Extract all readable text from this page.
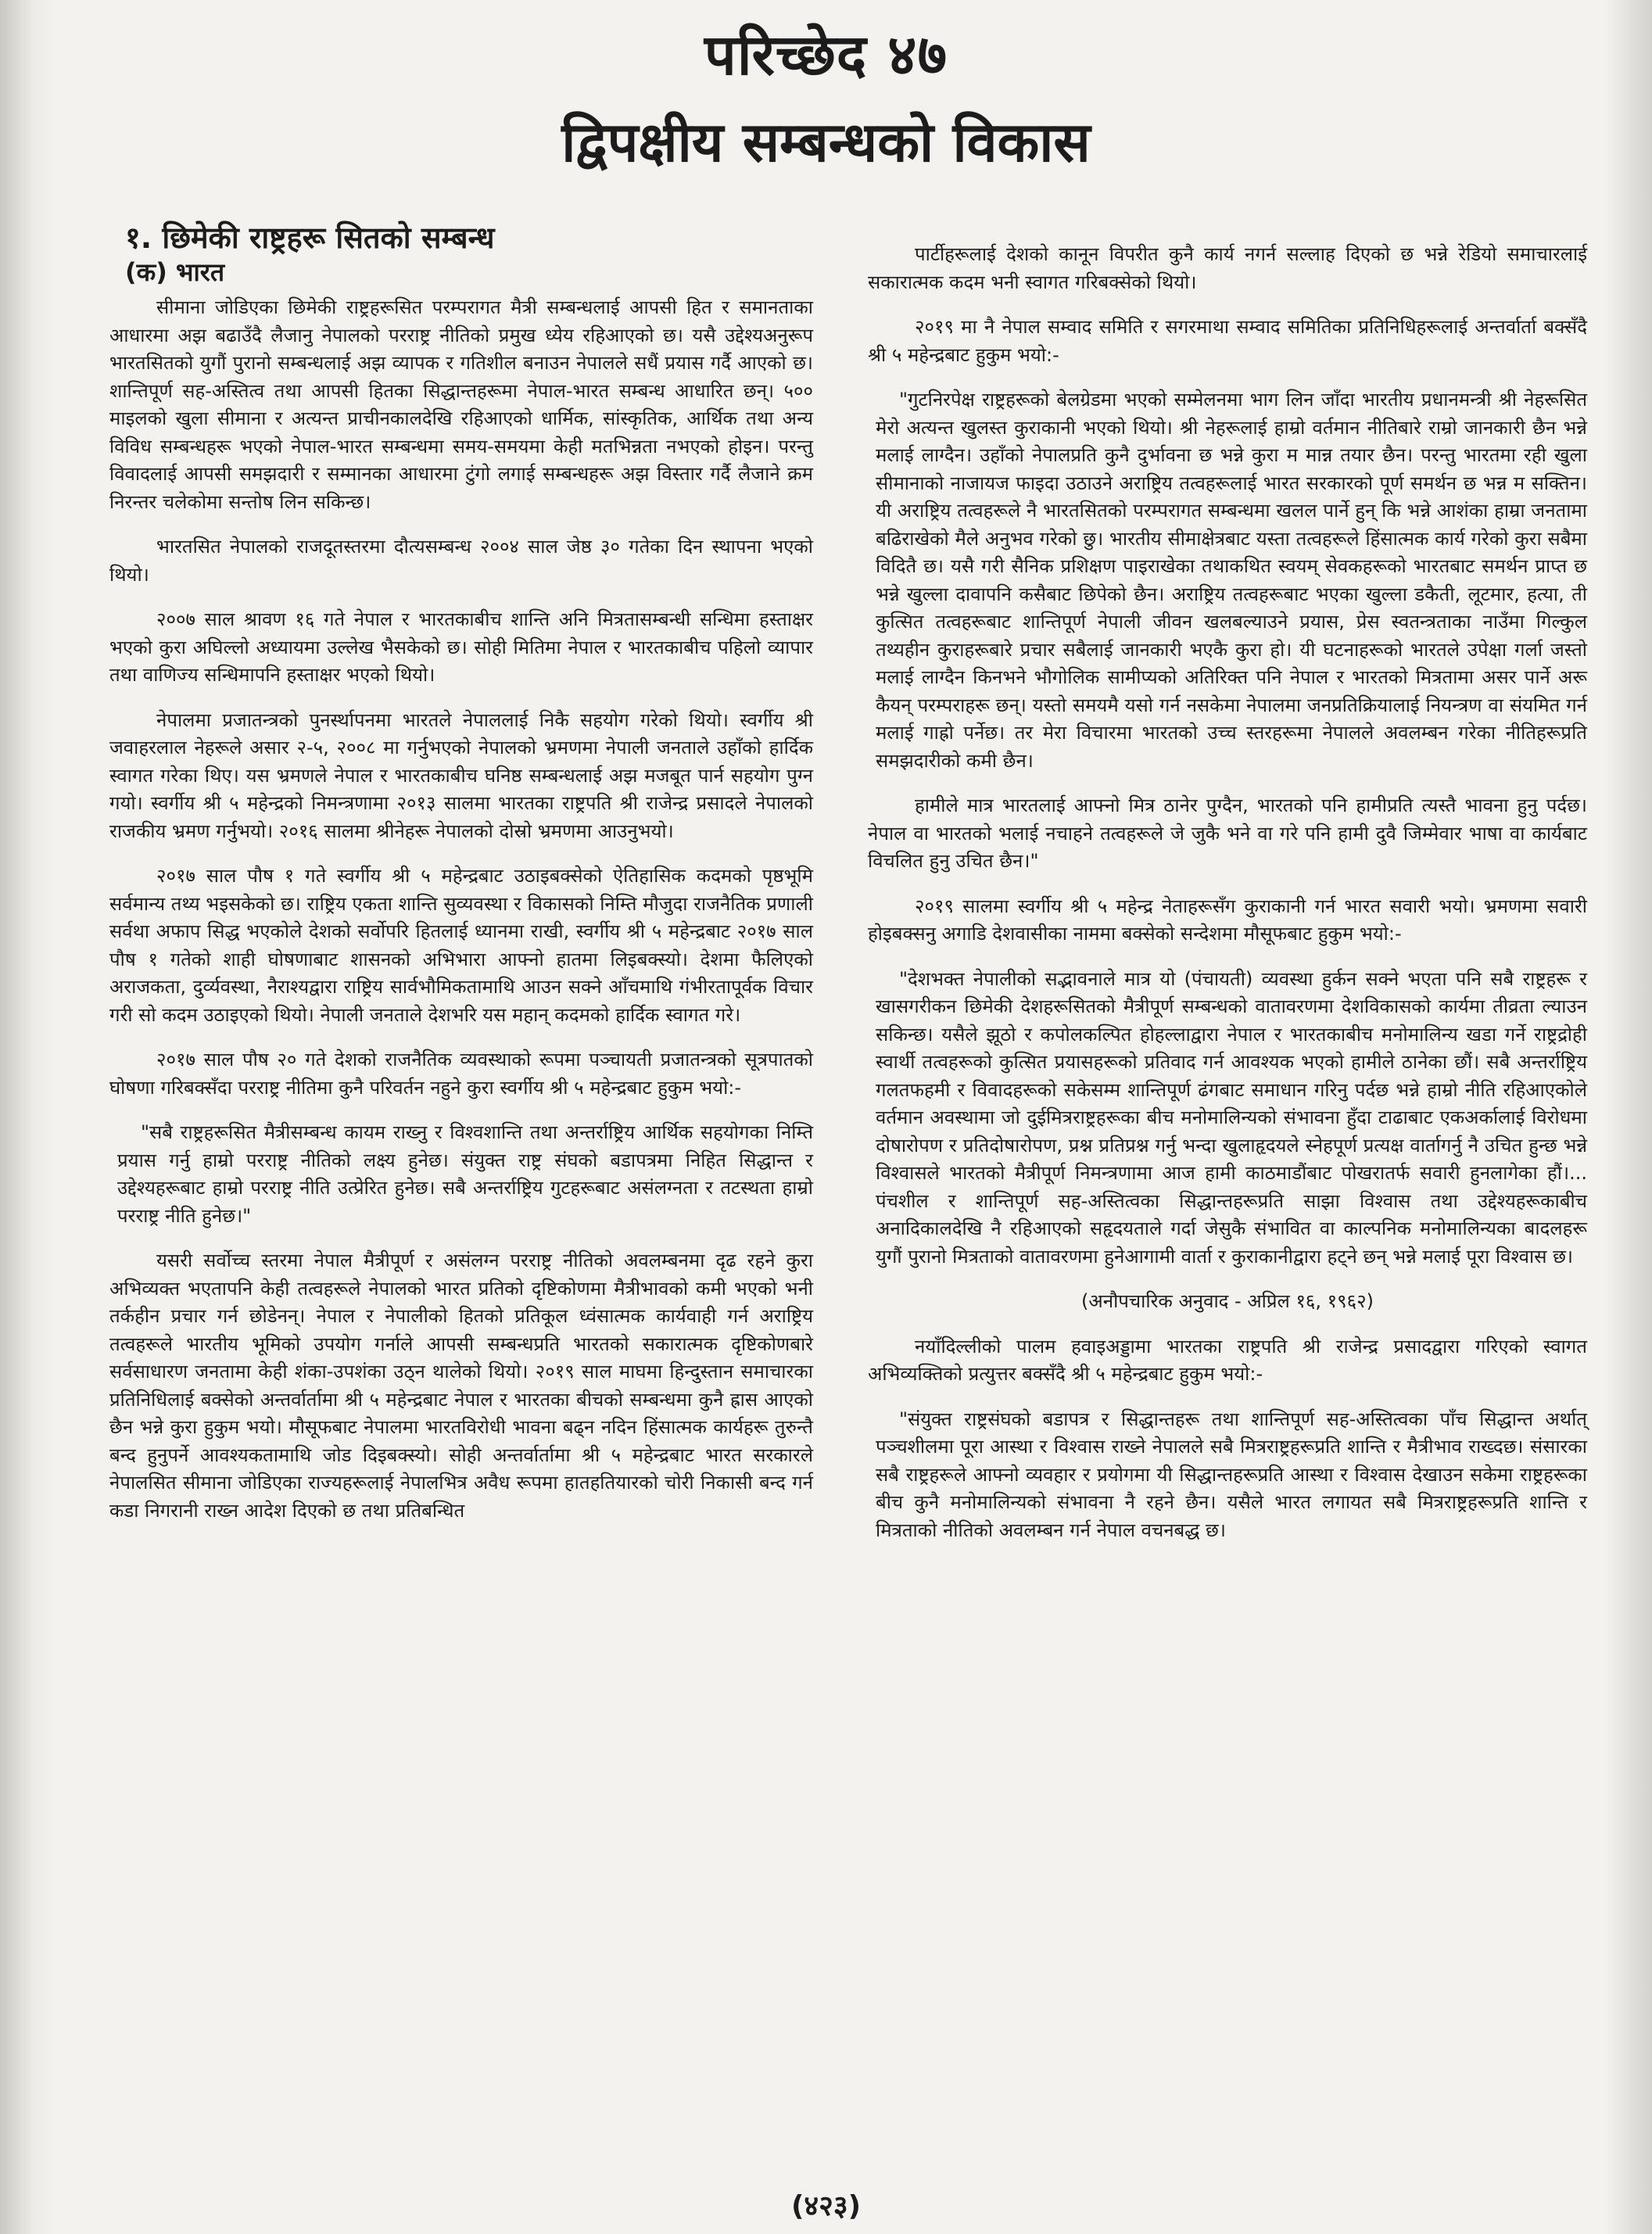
परिच्छेद ४७
द्विपक्षीय सम्बन्धको विकास
१. छिमेकी राष्ट्रहरू सितको सम्बन्ध
(क) भारत

सीमाना जोडिएका छिमेकी राष्ट्रहरूसित परम्परागत मैत्री सम्बन्धलाई आपसी हित र समानताका आधारमा अझ बढाउँदै लैजानु नेपालको परराष्ट्र नीतिको प्रमुख ध्येय रहिआएको छ। यसै उद्देश्यअनुरूप भारतसितको युगौं पुरानो सम्बन्धलाई अझ व्यापक र गतिशील बनाउन नेपालले सधैं प्रयास गर्दै आएको छ। शान्तिपूर्ण सह-अस्तित्व तथा आपसी हितका सिद्धान्तहरूमा नेपाल-भारत सम्बन्ध आधारित छन्। ५०० माइलको खुला सीमाना र अत्यन्त प्राचीनकालदेखि रहिआएको धार्मिक, सांस्कृतिक, आर्थिक तथा अन्य विविध सम्बन्धहरू भएको नेपाल-भारत सम्बन्धमा समय-समयमा केही मतभिन्नता नभएको होइन। परन्तु विवादलाई आपसी समझदारी र सम्मानका आधारमा टुंगो लगाई सम्बन्धहरू अझ विस्तार गर्दै लैजाने क्रम निरन्तर चलेकोमा सन्तोष लिन सकिन्छ।

भारतसित नेपालको राजदूतस्तरमा दौत्यसम्बन्ध २००४ साल जेष्ठ ३० गतेका दिन स्थापना भएको थियो।

२००७ साल श्रावण १६ गते नेपाल र भारतकाबीच शान्ति अनि मित्रतासम्बन्धी सन्धिमा हस्ताक्षर भएको कुरा अघिल्लो अध्यायमा उल्लेख भैसकेको छ। सोही मितिमा नेपाल र भारतकाबीच पहिलो व्यापार तथा वाणिज्य सन्धिमापनि हस्ताक्षर भएको थियो।

नेपालमा प्रजातन्त्रको पुनर्स्थापनमा भारतले नेपाललाई निकै सहयोग गरेको थियो। स्वर्गीय श्री जवाहरलाल नेहरूले असार २-५, २००८ मा गर्नुभएको नेपालको भ्रमणमा नेपाली जनताले उहाँको हार्दिक स्वागत गरेका थिए। यस भ्रमणले नेपाल र भारतकाबीच घनिष्ठ सम्बन्धलाई अझ मजबूत पार्न सहयोग पुग्न गयो। स्वर्गीय श्री ५ महेन्द्रको निमन्त्रणामा २०१३ सालमा भारतका राष्ट्रपति श्री राजेन्द्र प्रसादले नेपालको राजकीय भ्रमण गर्नुभयो। २०१६ सालमा श्रीनेहरू नेपालको दोस्रो भ्रमणमा आउनुभयो।

२०१७ साल पौष १ गते स्वर्गीय श्री ५ महेन्द्रबाट उठाइबक्सेको ऐतिहासिक कदमको पृष्ठभूमि सर्वमान्य तथ्य भइसकेको छ। राष्ट्रिय एकता शान्ति सुव्यवस्था र विकासको निम्ति मौजुदा राजनैतिक प्रणाली सर्वथा अफाप सिद्ध भएकोले देशको सर्वोपरि हितलाई ध्यानमा राखी, स्वर्गीय श्री ५ महेन्द्रबाट २०१७ साल पौष १ गतेको शाही घोषणाबाट शासनको अभिभारा आफ्नो हातमा लिइबक्स्यो। देशमा फैलिएको अराजकता, दुर्व्यवस्था, नैराश्यद्वारा राष्ट्रिय सार्वभौमिकतामाथि आउन सक्ने आँचमाथि गंभीरतापूर्वक विचार गरी सो कदम उठाइएको थियो। नेपाली जनताले देशभरि यस महान् कदमको हार्दिक स्वागत गरे।

२०१७ साल पौष २० गते देशको राजनैतिक व्यवस्थाको रूपमा पञ्चायती प्रजातन्त्रको सूत्रपातको घोषणा गरिबक्सँदा परराष्ट्र नीतिमा कुनै परिवर्तन नहुने कुरा स्वर्गीय श्री ५ महेन्द्रबाट हुकुम भयो:-

"सबै राष्ट्रहरूसित मैत्रीसम्बन्ध कायम राख्नु र विश्वशान्ति तथा अन्तर्राष्ट्रिय आर्थिक सहयोगका निम्ति प्रयास गर्नु हाम्रो परराष्ट्र नीतिको लक्ष्य हुनेछ। संयुक्त राष्ट्र संघको बडापत्रमा निहित सिद्धान्त र उद्देश्यहरूबाट हाम्रो परराष्ट्र नीति उत्प्रेरित हुनेछ। सबै अन्तर्राष्ट्रिय गुटहरूबाट असंलग्नता र तटस्थता हाम्रो परराष्ट्र नीति हुनेछ।"

यसरी सर्वोच्च स्तरमा नेपाल मैत्रीपूर्ण र असंलग्न परराष्ट्र नीतिको अवलम्बनमा दृढ रहने कुरा अभिव्यक्त भएतापनि केही तत्वहरूले नेपालको भारत प्रतिको दृष्टिकोणमा मैत्रीभावको कमी भएको भनी तर्कहीन प्रचार गर्न छोडेनन्। नेपाल र नेपालीको हितको प्रतिकूल ध्वंसात्मक कार्यवाही गर्न अराष्ट्रिय तत्वहरूले भारतीय भूमिको उपयोग गर्नाले आपसी सम्बन्धप्रति भारतको सकारात्मक दृष्टिकोणबारे सर्वसाधारण जनतामा केही शंका-उपशंका उठ्न थालेको थियो। २०१९ साल माघमा हिन्दुस्तान समाचारका प्रतिनिधिलाई बक्सेको अन्तर्वार्तामा श्री ५ महेन्द्रबाट नेपाल र भारतका बीचको सम्बन्धमा कुनै ह्रास आएको छैन भन्ने कुरा हुकुम भयो। मौसूफबाट नेपालमा भारतविरोधी भावना बढ्न नदिन हिंसात्मक कार्यहरू तुरुन्तै बन्द हुनुपर्ने आवश्यकतामाथि जोड दिइबक्स्यो। सोही अन्तर्वार्तामा श्री ५ महेन्द्रबाट भारत सरकारले नेपालसित सीमाना जोडिएका राज्यहरूलाई नेपालभित्र अवैध रूपमा हातहतियारको चोरी निकासी बन्द गर्न कडा निगरानी राख्न आदेश दिएको छ तथा प्रतिबन्धित

पार्टीहरूलाई देशको कानून विपरीत कुनै कार्य नगर्न सल्लाह दिएको छ भन्ने रेडियो समाचारलाई सकारात्मक कदम भनी स्वागत गरिबक्सेको थियो।

२०१९ मा नै नेपाल सम्वाद समिति र सगरमाथा सम्वाद समितिका प्रतिनिधिहरूलाई अन्तर्वार्ता बक्सँदै श्री ५ महेन्द्रबाट हुकुम भयो:-

"गुटनिरपेक्ष राष्ट्रहरूको बेलग्रेडमा भएको सम्मेलनमा भाग लिन जाँदा भारतीय प्रधानमन्त्री श्री नेहरूसित मेरो अत्यन्त खुलस्त कुराकानी भएको थियो। श्री नेहरूलाई हाम्रो वर्तमान नीतिबारे राम्रो जानकारी छैन भन्ने मलाई लाग्दैन। उहाँको नेपालप्रति कुनै दुर्भावना छ भन्ने कुरा म मान्न तयार छैन। परन्तु भारतमा रही खुला सीमानाको नाजायज फाइदा उठाउने अराष्ट्रिय तत्वहरूलाई भारत सरकारको पूर्ण समर्थन छ भन्न म सक्तिन। यी अराष्ट्रिय तत्वहरूले नै भारतसितको परम्परागत सम्बन्धमा खलल पार्ने हुन् कि भन्ने आशंका हाम्रा जनतामा बढिराखेको मैले अनुभव गरेको छु। भारतीय सीमाक्षेत्रबाट यस्ता तत्वहरूले हिंसात्मक कार्य गरेको कुरा सबैमा विदितै छ। यसै गरी सैनिक प्रशिक्षण पाइराखेका तथाकथित स्वयम् सेवकहरूको भारतबाट समर्थन प्राप्त छ भन्ने खुल्ला दावापनि कसैबाट छिपेको छैन। अराष्ट्रिय तत्वहरूबाट भएका खुल्ला डकैती, लूटमार, हत्या, ती कुत्सित तत्वहरूबाट शान्तिपूर्ण नेपाली जीवन खलबल्याउने प्रयास, प्रेस स्वतन्त्रताका नाउँमा गिल्कुल तथ्यहीन कुराहरूबारे प्रचार सबैलाई जानकारी भएकै कुरा हो। यी घटनाहरूको भारतले उपेक्षा गर्ला जस्तो मलाई लाग्दैन किनभने भौगोलिक सामीप्यको अतिरिक्त पनि नेपाल र भारतको मित्रतामा असर पार्ने अरू कैयन् परम्पराहरू छन्। यस्तो समयमै यसो गर्न नसकेमा नेपालमा जनप्रतिक्रियालाई नियन्त्रण वा संयमित गर्न मलाई गाह्रो पर्नेछ। तर मेरा विचारमा भारतको उच्च स्तरहरूमा नेपालले अवलम्बन गरेका नीतिहरूप्रति समझदारीको कमी छैन।

हामीले मात्र भारतलाई आफ्नो मित्र ठानेर पुग्दैन, भारतको पनि हामीप्रति त्यस्तै भावना हुनु पर्दछ। नेपाल वा भारतको भलाई नचाहने तत्वहरूले जे जुकै भने वा गरे पनि हामी दुवै जिम्मेवार भाषा वा कार्यबाट विचलित हुनु उचित छैन।"

२०१९ सालमा स्वर्गीय श्री ५ महेन्द्र नेताहरूसँग कुराकानी गर्न भारत सवारी भयो। भ्रमणमा सवारी होइबक्सनु अगाडि देशवासीका नाममा बक्सेको सन्देशमा मौसूफबाट हुकुम भयो:-

"देशभक्त नेपालीको सद्भावनाले मात्र यो (पंचायती) व्यवस्था हुर्कन सक्ने भएता पनि सबै राष्ट्रहरू र खासगरीकन छिमेकी देशहरूसितको मैत्रीपूर्ण सम्बन्धको वातावरणमा देशविकासको कार्यमा तीव्रता ल्याउन सकिन्छ। यसैले झूठो र कपोलकल्पित होहल्लाद्वारा नेपाल र भारतकाबीच मनोमालिन्य खडा गर्ने राष्ट्रद्रोही स्वार्थी तत्वहरूको कुत्सित प्रयासहरूको प्रतिवाद गर्न आवश्यक भएको हामीले ठानेका छौं। सबै अन्तर्राष्ट्रिय गलतफहमी र विवादहरूको सकेसम्म शान्तिपूर्ण ढंगबाट समाधान गरिनु पर्दछ भन्ने हाम्रो नीति रहिआएकोले वर्तमान अवस्थामा जो दुईमित्रराष्ट्रहरूका बीच मनोमालिन्यको संभावना हुँदा टाढाबाट एकअर्कालाई विरोधमा दोषारोपण र प्रतिदोषारोपण, प्रश्न प्रतिप्रश्न गर्नु भन्दा खुलाहृदयले स्नेहपूर्ण प्रत्यक्ष वार्तागर्नु नै उचित हुन्छ भन्ने विश्वासले भारतको मैत्रीपूर्ण निमन्त्रणामा आज हामी काठमाडौंबाट पोखरातर्फ सवारी हुनलागेका हौं।... पंचशील र शान्तिपूर्ण सह-अस्तित्वका सिद्धान्तहरूप्रति साझा विश्वास तथा उद्देश्यहरूकाबीच अनादिकालदेखि नै रहिआएको सहृदयताले गर्दा जेसुकै संभावित वा काल्पनिक मनोमालिन्यका बादलहरू युगौं पुरानो मित्रताको वातावरणमा हुनेआगामी वार्ता र कुराकानीद्वारा हट्ने छन् भन्ने मलाई पूरा विश्वास छ।

(अनौपचारिक अनुवाद - अप्रिल १६, १९६२)

नयाँदिल्लीको पालम हवाइअड्डामा भारतका राष्ट्रपति श्री राजेन्द्र प्रसादद्वारा गरिएको स्वागत अभिव्यक्तिको प्रत्युत्तर बक्सँदै श्री ५ महेन्द्रबाट हुकुम भयो:-

"संयुक्त राष्ट्रसंघको बडापत्र र सिद्धान्तहरू तथा शान्तिपूर्ण सह-अस्तित्वका पाँच सिद्धान्त अर्थात् पञ्चशीलमा पूरा आस्था र विश्वास राख्ने नेपालले सबै मित्रराष्ट्रहरूप्रति शान्ति र मैत्रीभाव राख्दछ। संसारका सबै राष्ट्रहरूले आफ्नो व्यवहार र प्रयोगमा यी सिद्धान्तहरूप्रति आस्था र विश्वास देखाउन सकेमा राष्ट्रहरूका बीच कुनै मनोमालिन्यको संभावना नै रहने छैन। यसैले भारत लगायत सबै मित्रराष्ट्रहरूप्रति शान्ति र मित्रताको नीतिको अवलम्बन गर्न नेपाल वचनबद्ध छ।

(४२३)
